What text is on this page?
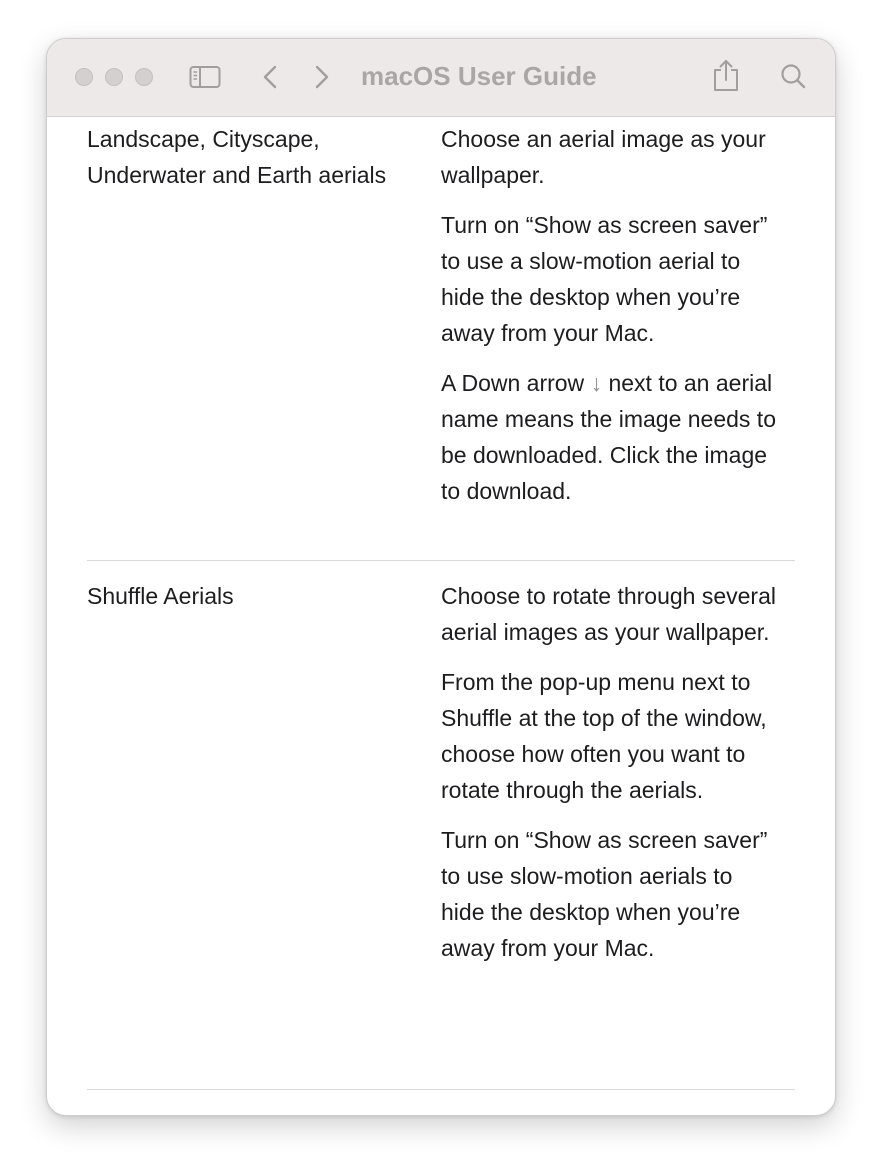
macOS User Guide
Landscape, Cityscape, Underwater and Earth aerials

Choose an aerial image as your wallpaper.

Turn on “Show as screen saver” to use a slow-motion aerial to hide the desktop when you’re away from your Mac.

A Down arrow ↓ next to an aerial name means the image needs to be downloaded. Click the image to download.

Shuffle Aerials	Choose to rotate through several aerial images as your wallpaper.

From the pop-up menu next to Shuffle at the top of the window, choose how often you want to rotate through the aerials.

Turn on “Show as screen saver” to use slow-motion aerials to hide the desktop when you’re away from your Mac.
